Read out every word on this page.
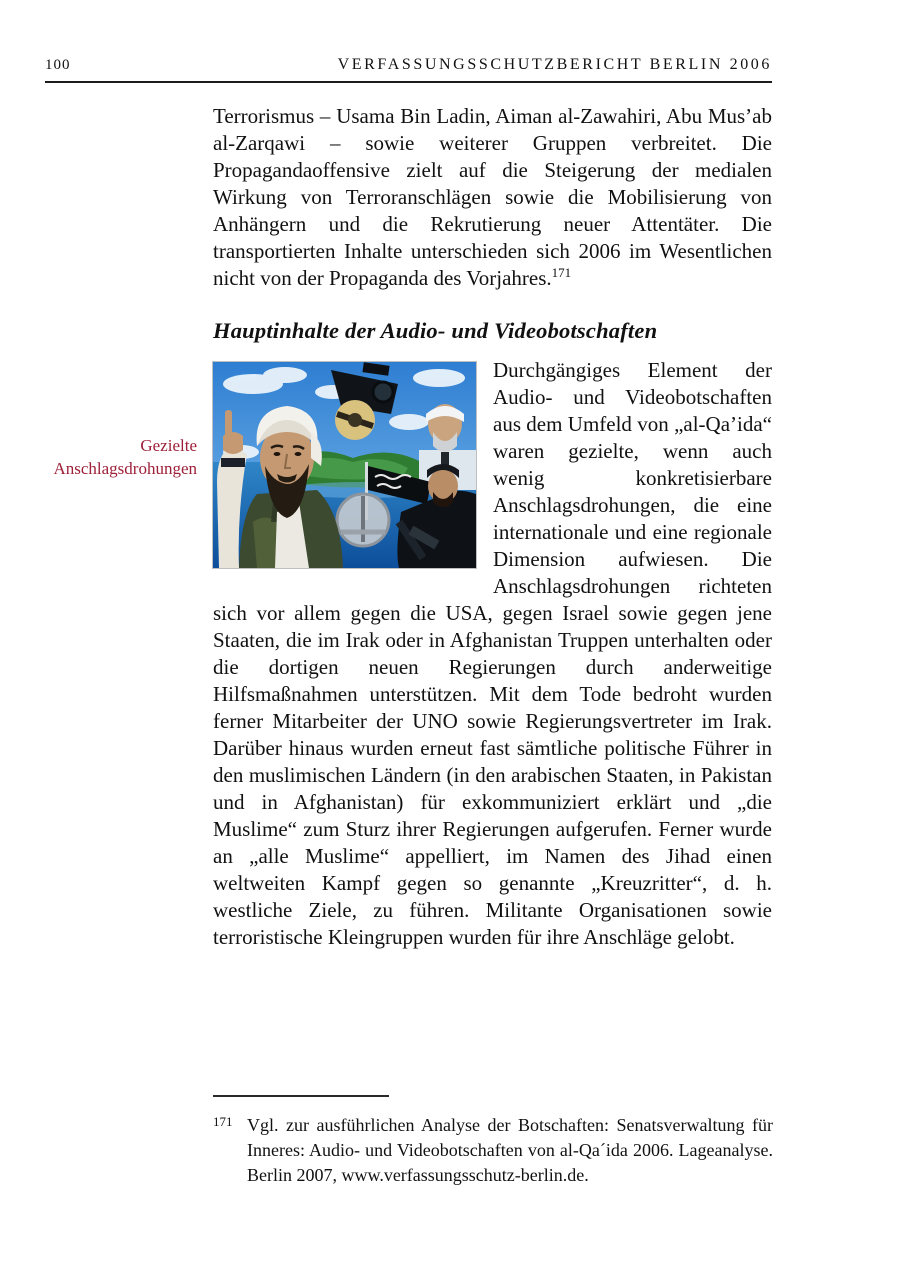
100	VERFASSUNGSSCHUTZBERICHT BERLIN 2006
Gezielte Anschlagsdrohungen

Terrorismus – Usama Bin Ladin, Aiman al-Zawahiri, Abu Mus’ab al-Zarqawi – sowie weiterer Gruppen verbreitet. Die Propagandaoffensive zielt auf die Steigerung der medialen Wirkung von Terroranschlägen sowie die Mobilisierung von Anhängern und die Rekrutierung neuer Attentäter. Die transportierten Inhalte unterschieden sich 2006 im Wesentlichen nicht von der Propaganda des Vorjahres.$^{171}$

Hauptinhalte der Audio- und Videobotschaften

Durchgängiges Element der Audio- und Videobotschaften aus dem Umfeld von „al-Qa’ida“ waren gezielte, wenn auch wenig konkretisierbare Anschlagsdrohungen, die eine internationale und eine regionale Dimension aufwiesen. Die Anschlagsdrohungen richteten sich vor allem gegen die USA, gegen Israel sowie gegen jene Staaten, die im Irak oder in Afghanistan Truppen unterhalten oder die dortigen neuen Regierungen durch anderweitige Hilfsmaßnahmen unterstützen. Mit dem Tode bedroht wurden ferner Mitarbeiter der UNO sowie Regierungsvertreter im Irak. Darüber hinaus wurden erneut fast sämtliche politische Führer in den muslimischen Ländern (in den arabischen Staaten, in Pakistan und in Afghanistan) für exkommuniziert erklärt und „die Muslime“ zum Sturz ihrer Regierungen aufgerufen. Ferner wurde an „alle Muslime“ appelliert, im Namen des Jihad einen weltweiten Kampf gegen so genannte „Kreuzritter“, d. h. westliche Ziele, zu führen. Militante Organisationen sowie terroristische Kleingruppen wurden für ihre Anschläge gelobt.

171 Vgl. zur ausführlichen Analyse der Botschaften: Senatsverwaltung für Inneres: Audio- und Videobotschaften von al-Qa´ida 2006. Lageanalyse. Berlin 2007, www.verfassungsschutz-berlin.de.
